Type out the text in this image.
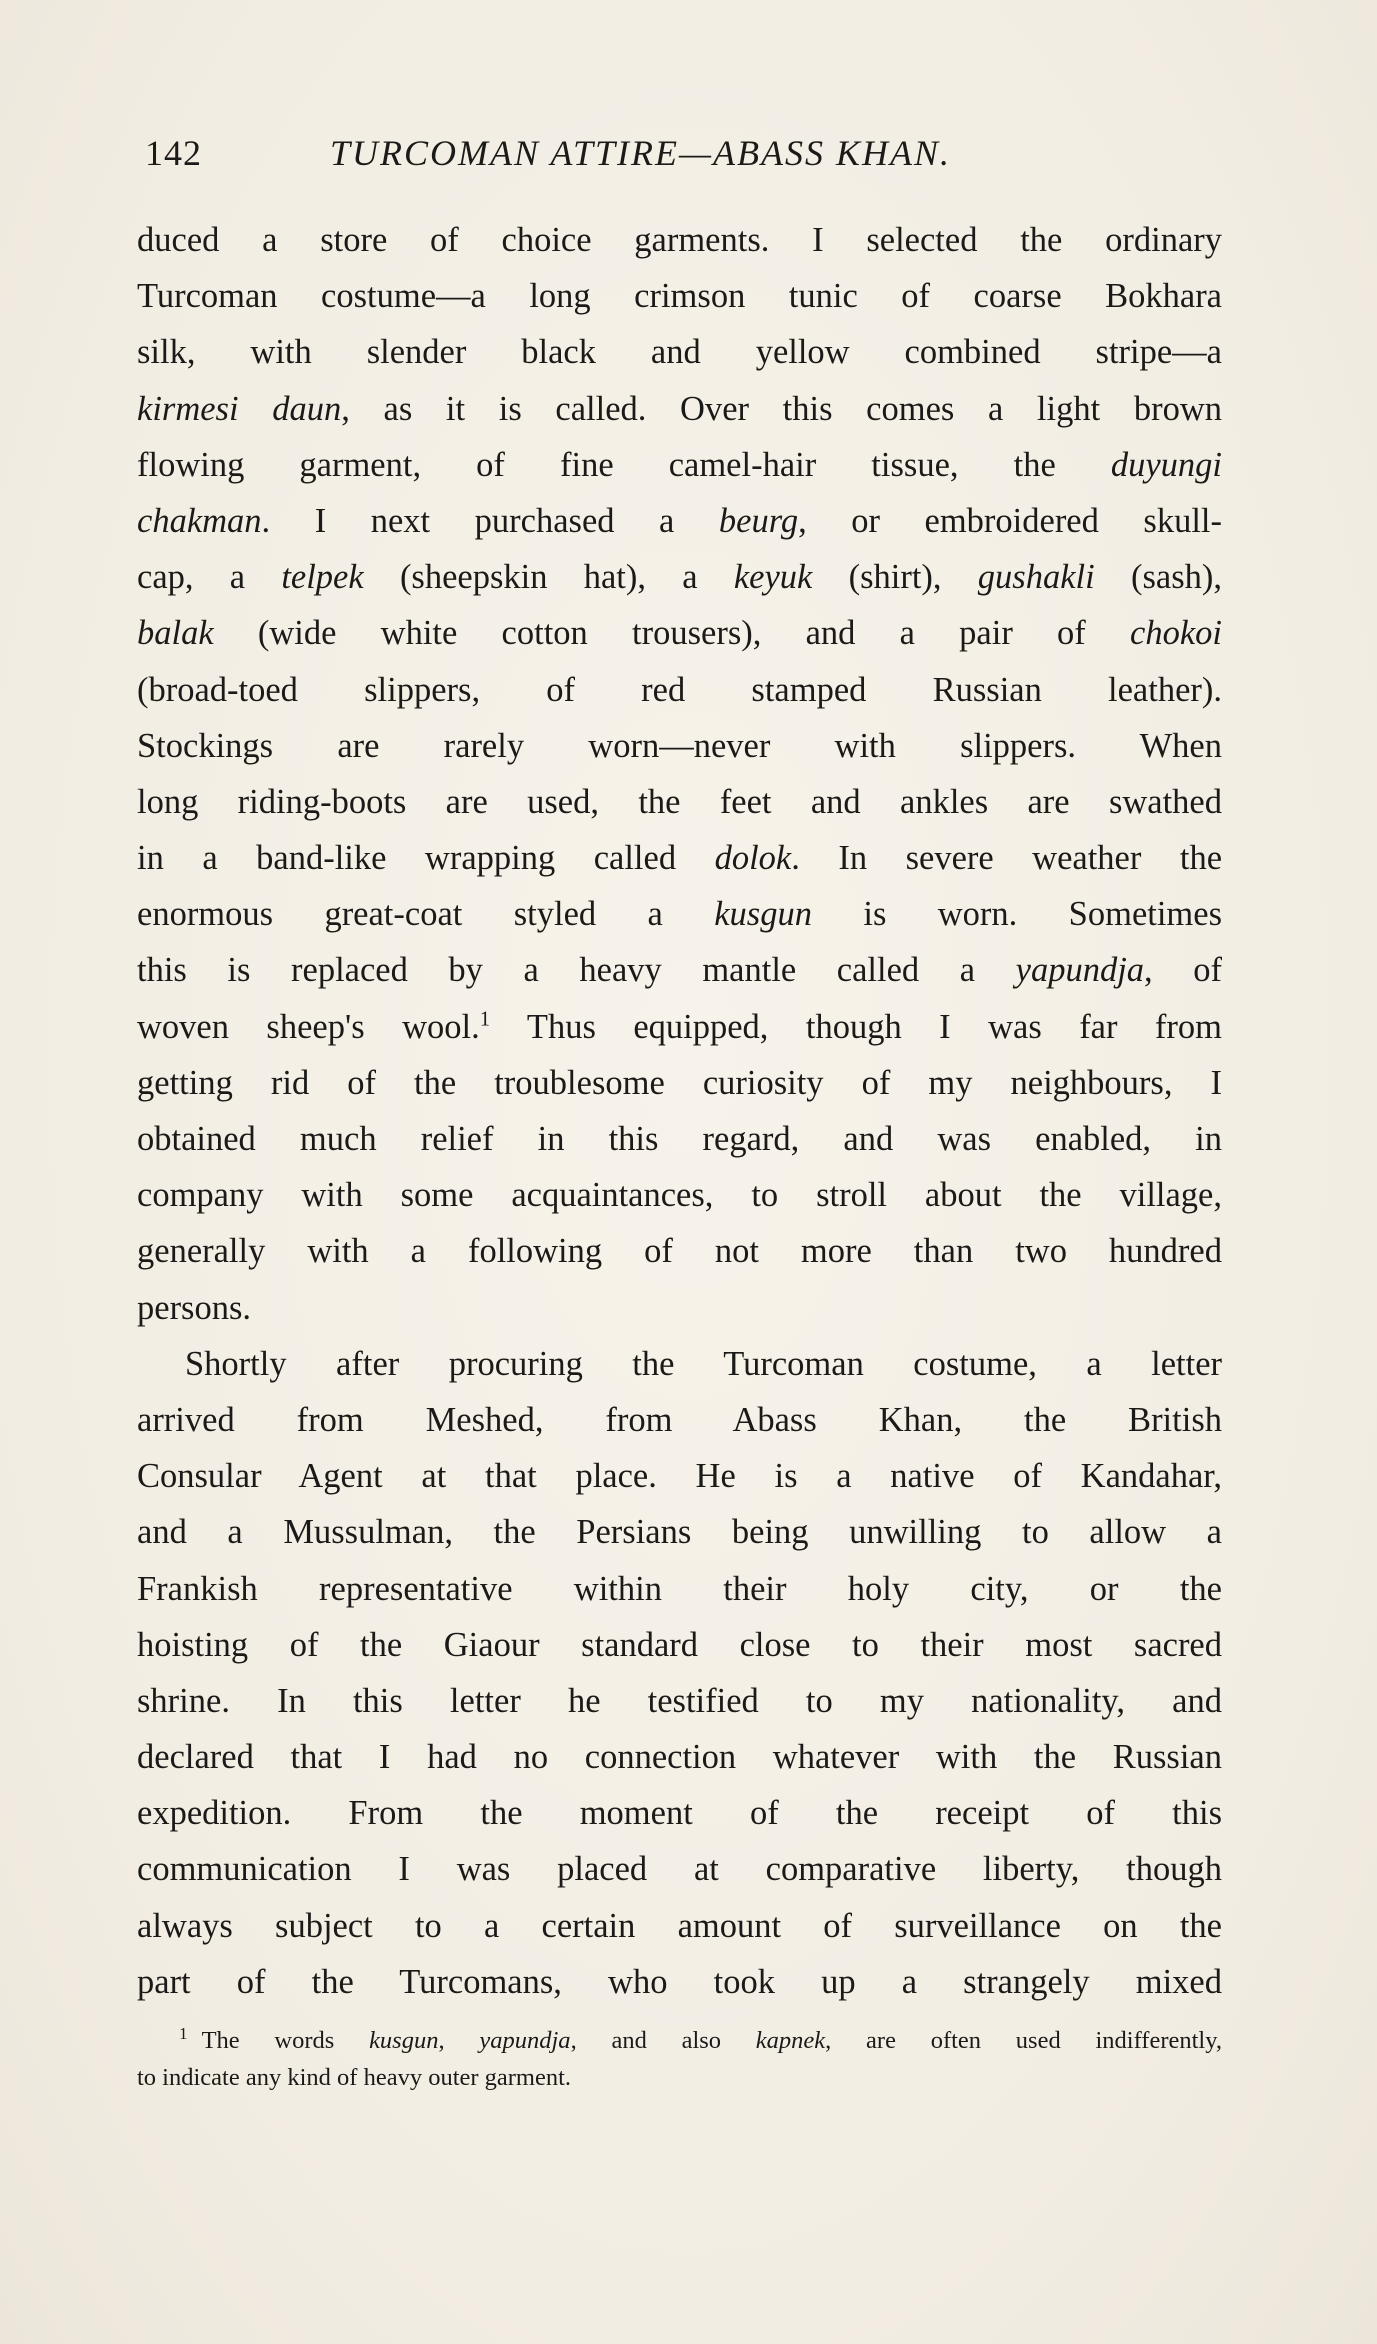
142	TURCOMAN ATTIRE—ABASS KHAN.
duced a store of choice garments. I selected the ordinary
Turcoman costume—a long crimson tunic of coarse Bokhara
silk, with slender black and yellow combined stripe—a
kirmesi daun, as it is called. Over this comes a light brown
flowing garment, of fine camel-hair tissue, the duyungi
chakman. I next purchased a beurg, or embroidered skull-
cap, a telpek (sheepskin hat), a keyuk (shirt), gushakli (sash),
balak (wide white cotton trousers), and a pair of chokoi
(broad-toed slippers, of red stamped Russian leather).
Stockings are rarely worn—never with slippers. When
long riding-boots are used, the feet and ankles are swathed
in a band-like wrapping called dolok. In severe weather the
enormous great-coat styled a kusgun is worn. Sometimes
this is replaced by a heavy mantle called a yapundja, of
woven sheep's wool.$^1$ Thus equipped, though I was far from
getting rid of the troublesome curiosity of my neighbours, I
obtained much relief in this regard, and was enabled, in
company with some acquaintances, to stroll about the village,
generally with a following of not more than two hundred
persons.
Shortly after procuring the Turcoman costume, a letter
arrived from Meshed, from Abass Khan, the British
Consular Agent at that place. He is a native of Kandahar,
and a Mussulman, the Persians being unwilling to allow a
Frankish representative within their holy city, or the
hoisting of the Giaour standard close to their most sacred
shrine. In this letter he testified to my nationality, and
declared that I had no connection whatever with the Russian
expedition. From the moment of the receipt of this
communication I was placed at comparative liberty, though
always subject to a certain amount of surveillance on the
part of the Turcomans, who took up a strangely mixed
$^1$ The words kusgun, yapundja, and also kapnek, are often used indifferently,
to indicate any kind of heavy outer garment.
